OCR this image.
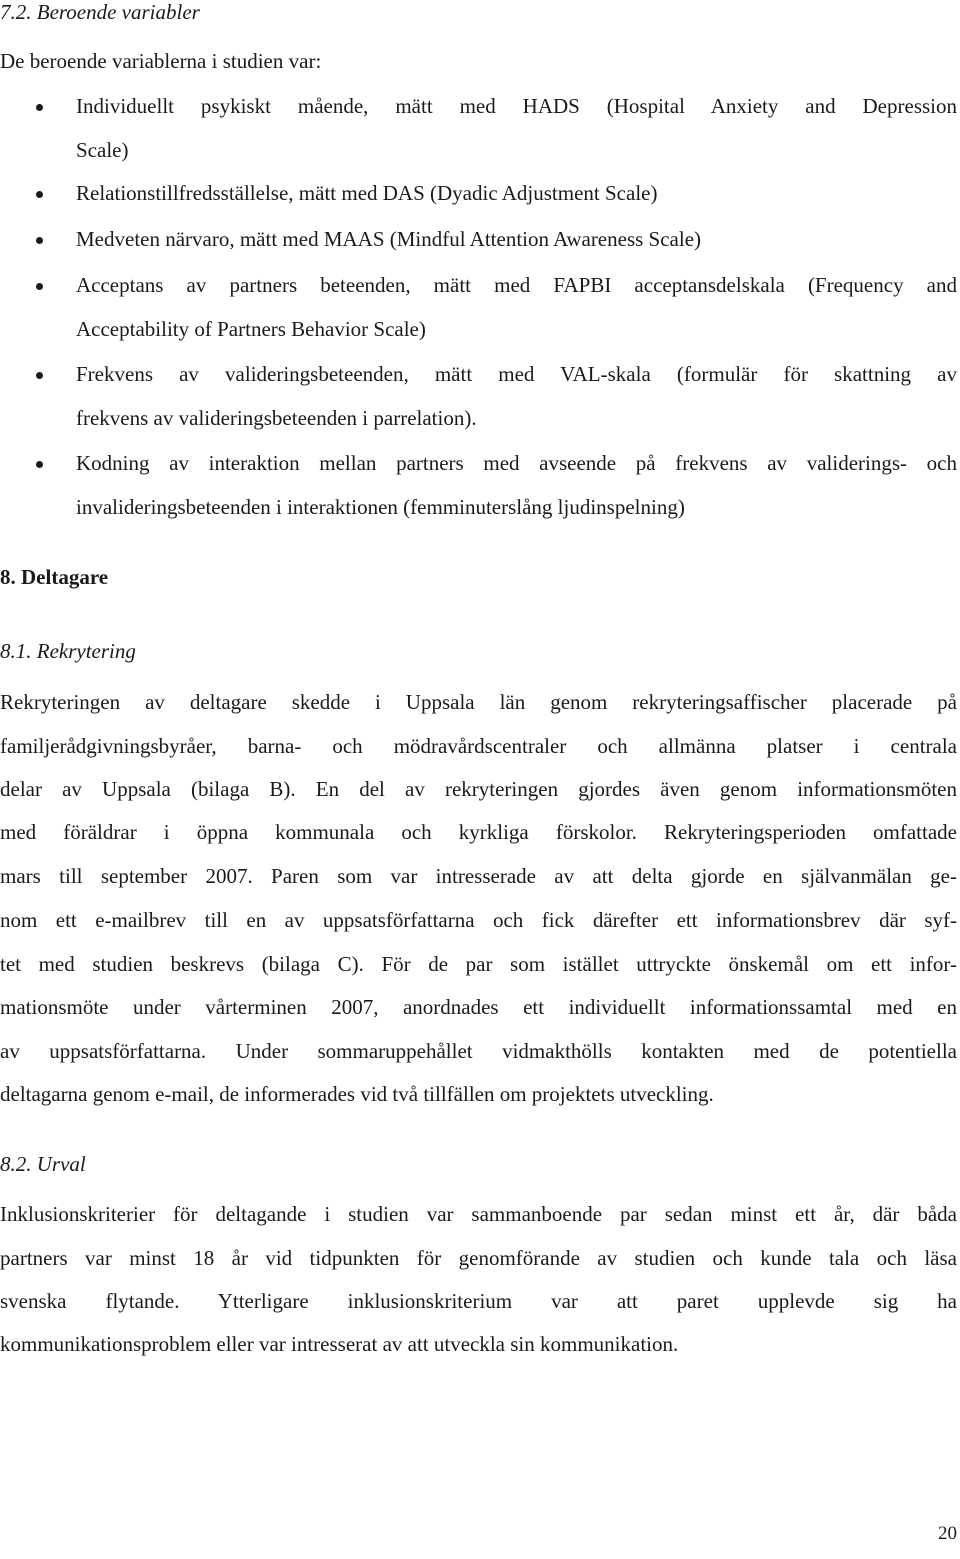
7.2. Beroende variabler
De beroende variablerna i studien var:
Individuellt psykiskt mående, mätt med HADS (Hospital Anxiety and Depression
Scale)
Relationstillfredsställelse, mätt med DAS (Dyadic Adjustment Scale)
Medveten närvaro, mätt med MAAS (Mindful Attention Awareness Scale)
Acceptans av partners beteenden, mätt med FAPBI acceptansdelskala (Frequency and
Acceptability of Partners Behavior Scale)
Frekvens av valideringsbeteenden, mätt med VAL-skala (formulär för skattning av
frekvens av valideringsbeteenden i parrelation).
Kodning av interaktion mellan partners med avseende på frekvens av validerings- och
invalideringsbeteenden i interaktionen (femminuterslång ljudinspelning)
8. Deltagare
8.1. Rekrytering
Rekryteringen av deltagare skedde i Uppsala län genom rekryteringsaffischer placerade på
familjerådgivningsbyråer, barna- och mödravårdscentraler och allmänna platser i centrala
delar av Uppsala (bilaga B). En del av rekryteringen gjordes även genom informationsmöten
med föräldrar i öppna kommunala och kyrkliga förskolor. Rekryteringsperioden omfattade
mars till september 2007. Paren som var intresserade av att delta gjorde en självanmälan ge-
nom ett e-mailbrev till en av uppsatsförfattarna och fick därefter ett informationsbrev där syf-
tet med studien beskrevs (bilaga C). För de par som istället uttryckte önskemål om ett infor-
mationsmöte under vårterminen 2007, anordnades ett individuellt informationssamtal med en
av uppsatsförfattarna. Under sommaruppehållet vidmakthölls kontakten med de potentiella
deltagarna genom e-mail, de informerades vid två tillfällen om projektets utveckling.
8.2. Urval
Inklusionskriterier för deltagande i studien var sammanboende par sedan minst ett år, där båda
partners var minst 18 år vid tidpunkten för genomförande av studien och kunde tala och läsa
svenska flytande. Ytterligare inklusionskriterium var att paret upplevde sig ha
kommunikationsproblem eller var intresserat av att utveckla sin kommunikation.
20
